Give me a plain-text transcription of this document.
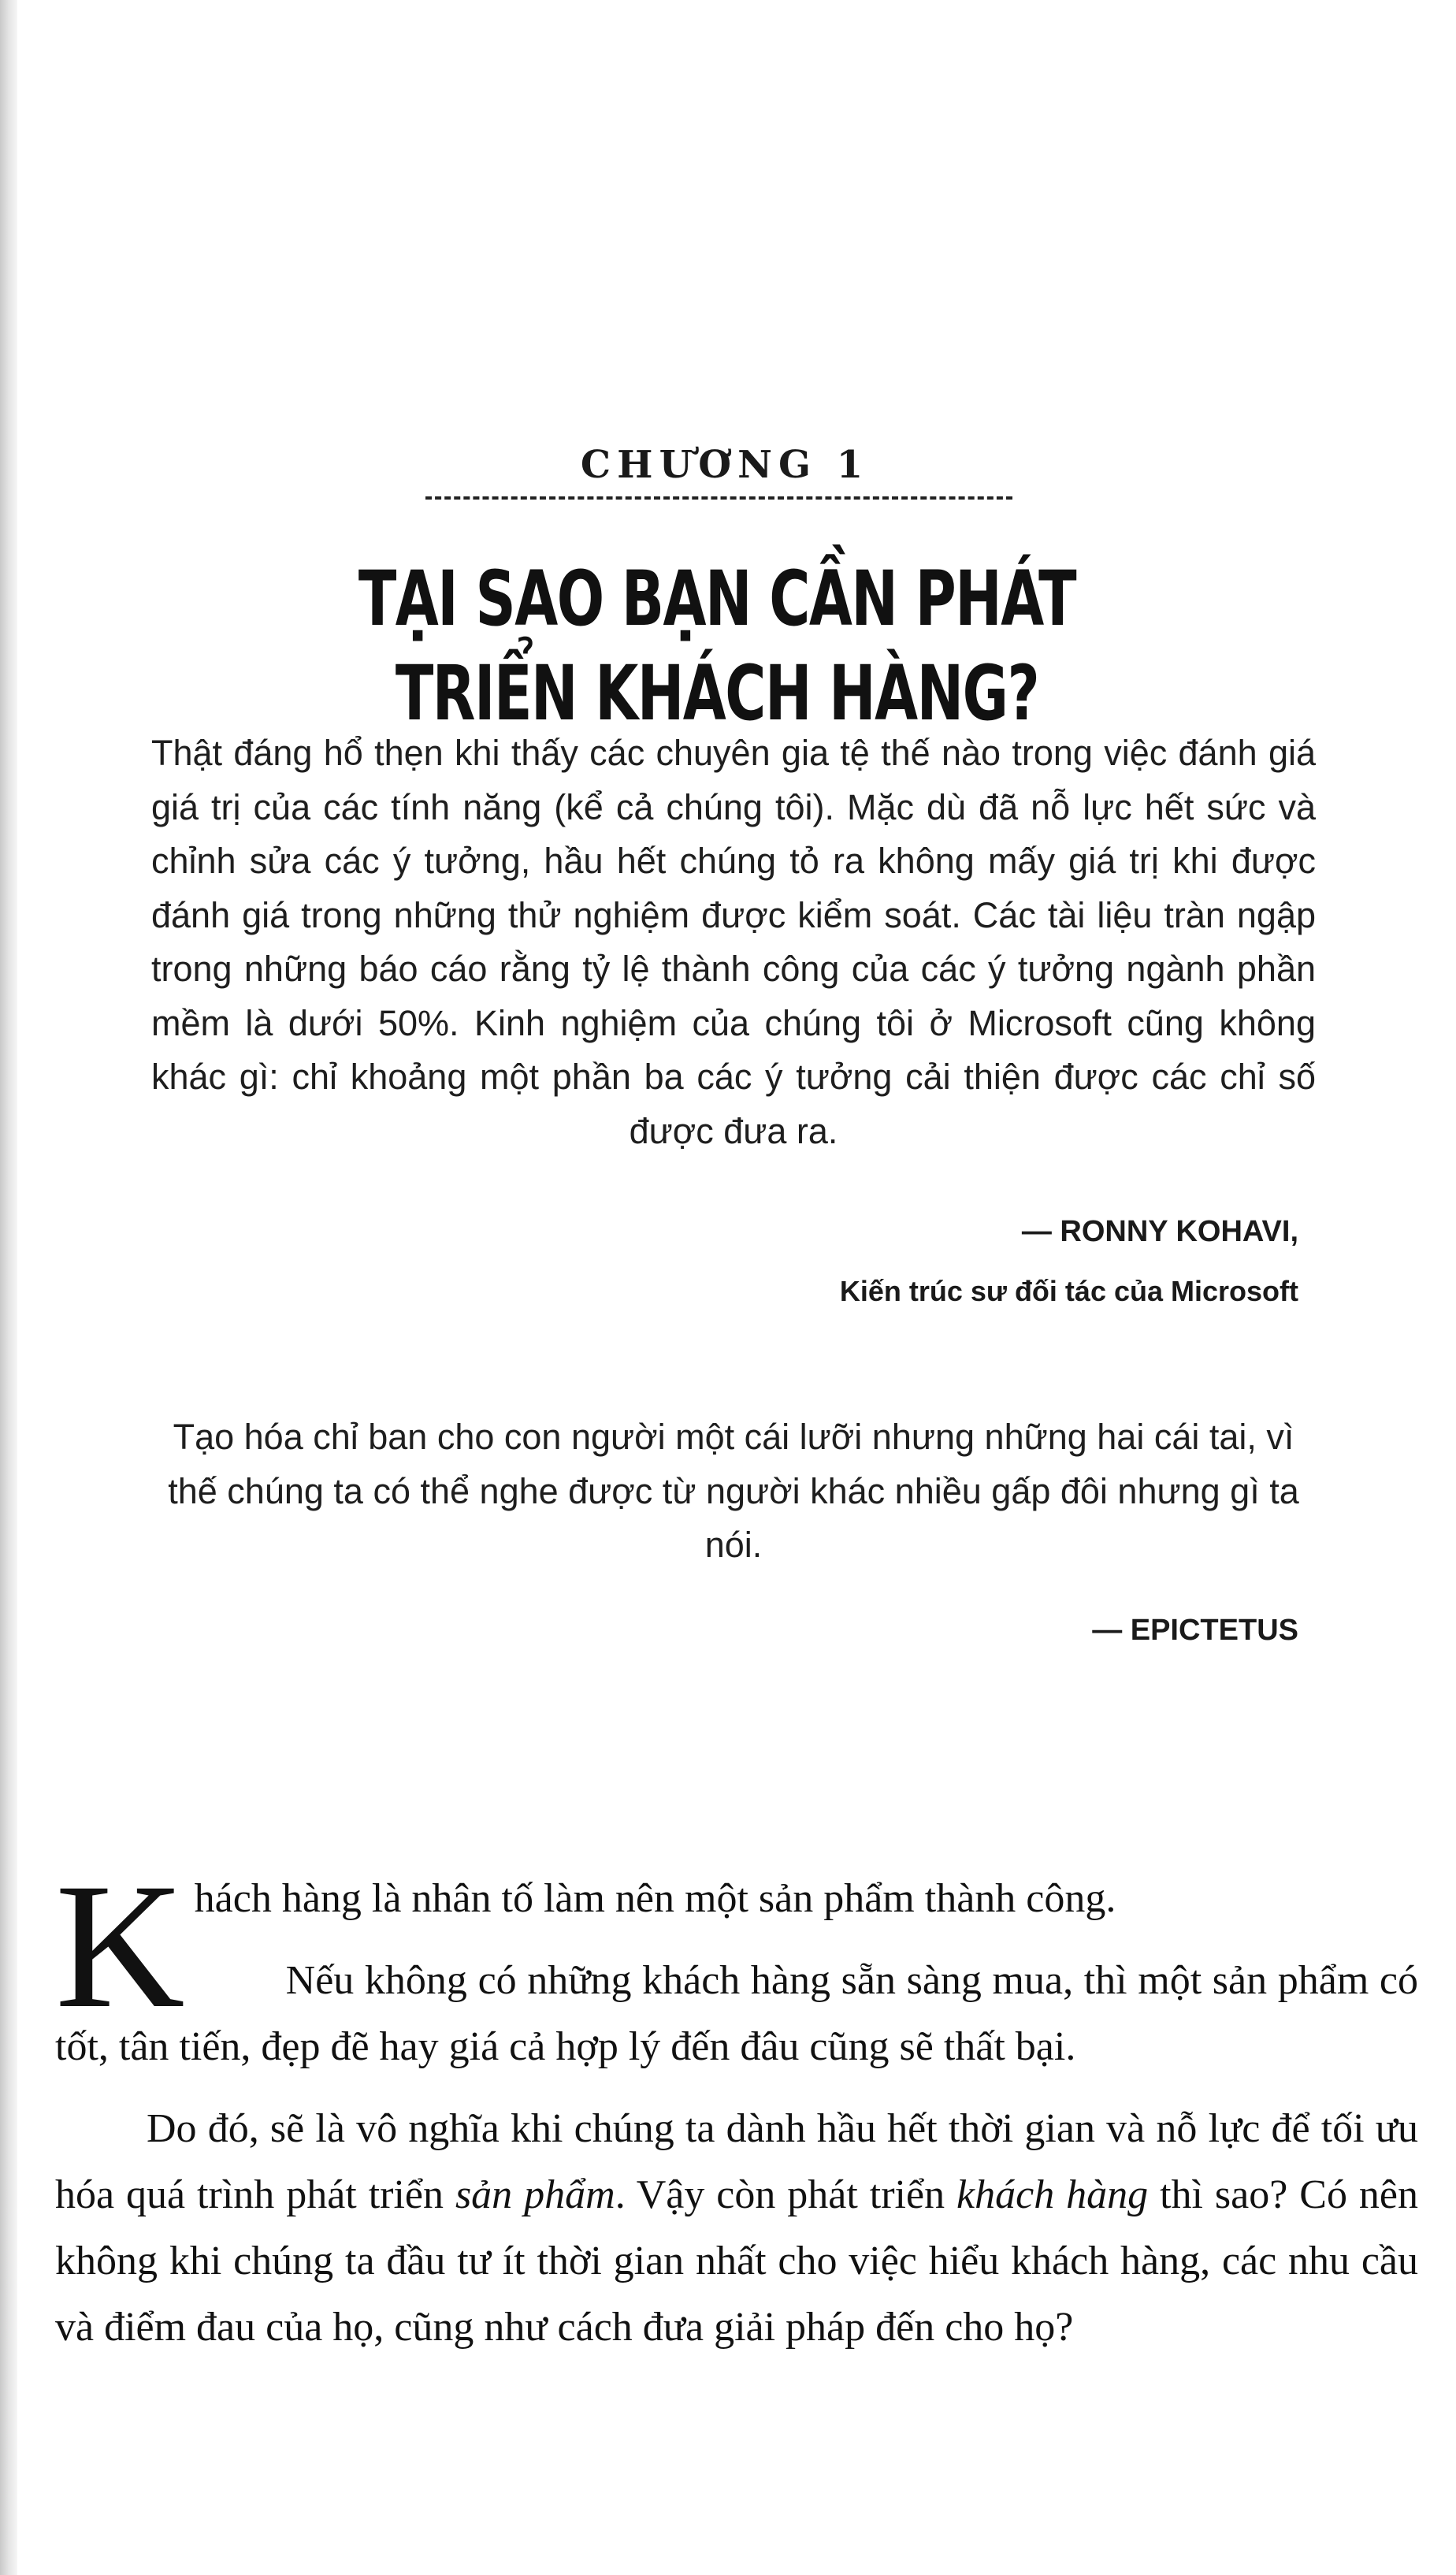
CHƯƠNG 1
TẠI SAO BẠN CẦN PHÁT TRIỂN KHÁCH HÀNG?

Thật đáng hổ thẹn khi thấy các chuyên gia tệ thế nào trong việc đánh giá giá trị của các tính năng (kể cả chúng tôi). Mặc dù đã nỗ lực hết sức và chỉnh sửa các ý tưởng, hầu hết chúng tỏ ra không mấy giá trị khi được đánh giá trong những thử nghiệm được kiểm soát. Các tài liệu tràn ngập trong những báo cáo rằng tỷ lệ thành công của các ý tưởng ngành phần mềm là dưới 50%. Kinh nghiệm của chúng tôi ở Microsoft cũng không khác gì: chỉ khoảng một phần ba các ý tưởng cải thiện được các chỉ số được đưa ra.

— RONNY KOHAVI,

Kiến trúc sư đối tác của Microsoft

Tạo hóa chỉ ban cho con người một cái lưỡi nhưng những hai cái tai, vì thế chúng ta có thể nghe được từ người khác nhiều gấp đôi nhưng gì ta nói.

— EPICTETUS

Khách hàng là nhân tố làm nên một sản phẩm thành công.

Nếu không có những khách hàng sẵn sàng mua, thì một sản phẩm có tốt, tân tiến, đẹp đẽ hay giá cả hợp lý đến đâu cũng sẽ thất bại.

Do đó, sẽ là vô nghĩa khi chúng ta dành hầu hết thời gian và nỗ lực để tối ưu hóa quá trình phát triển sản phẩm. Vậy còn phát triển khách hàng thì sao? Có nên không khi chúng ta đầu tư ít thời gian nhất cho việc hiểu khách hàng, các nhu cầu và điểm đau của họ, cũng như cách đưa giải pháp đến cho họ?
